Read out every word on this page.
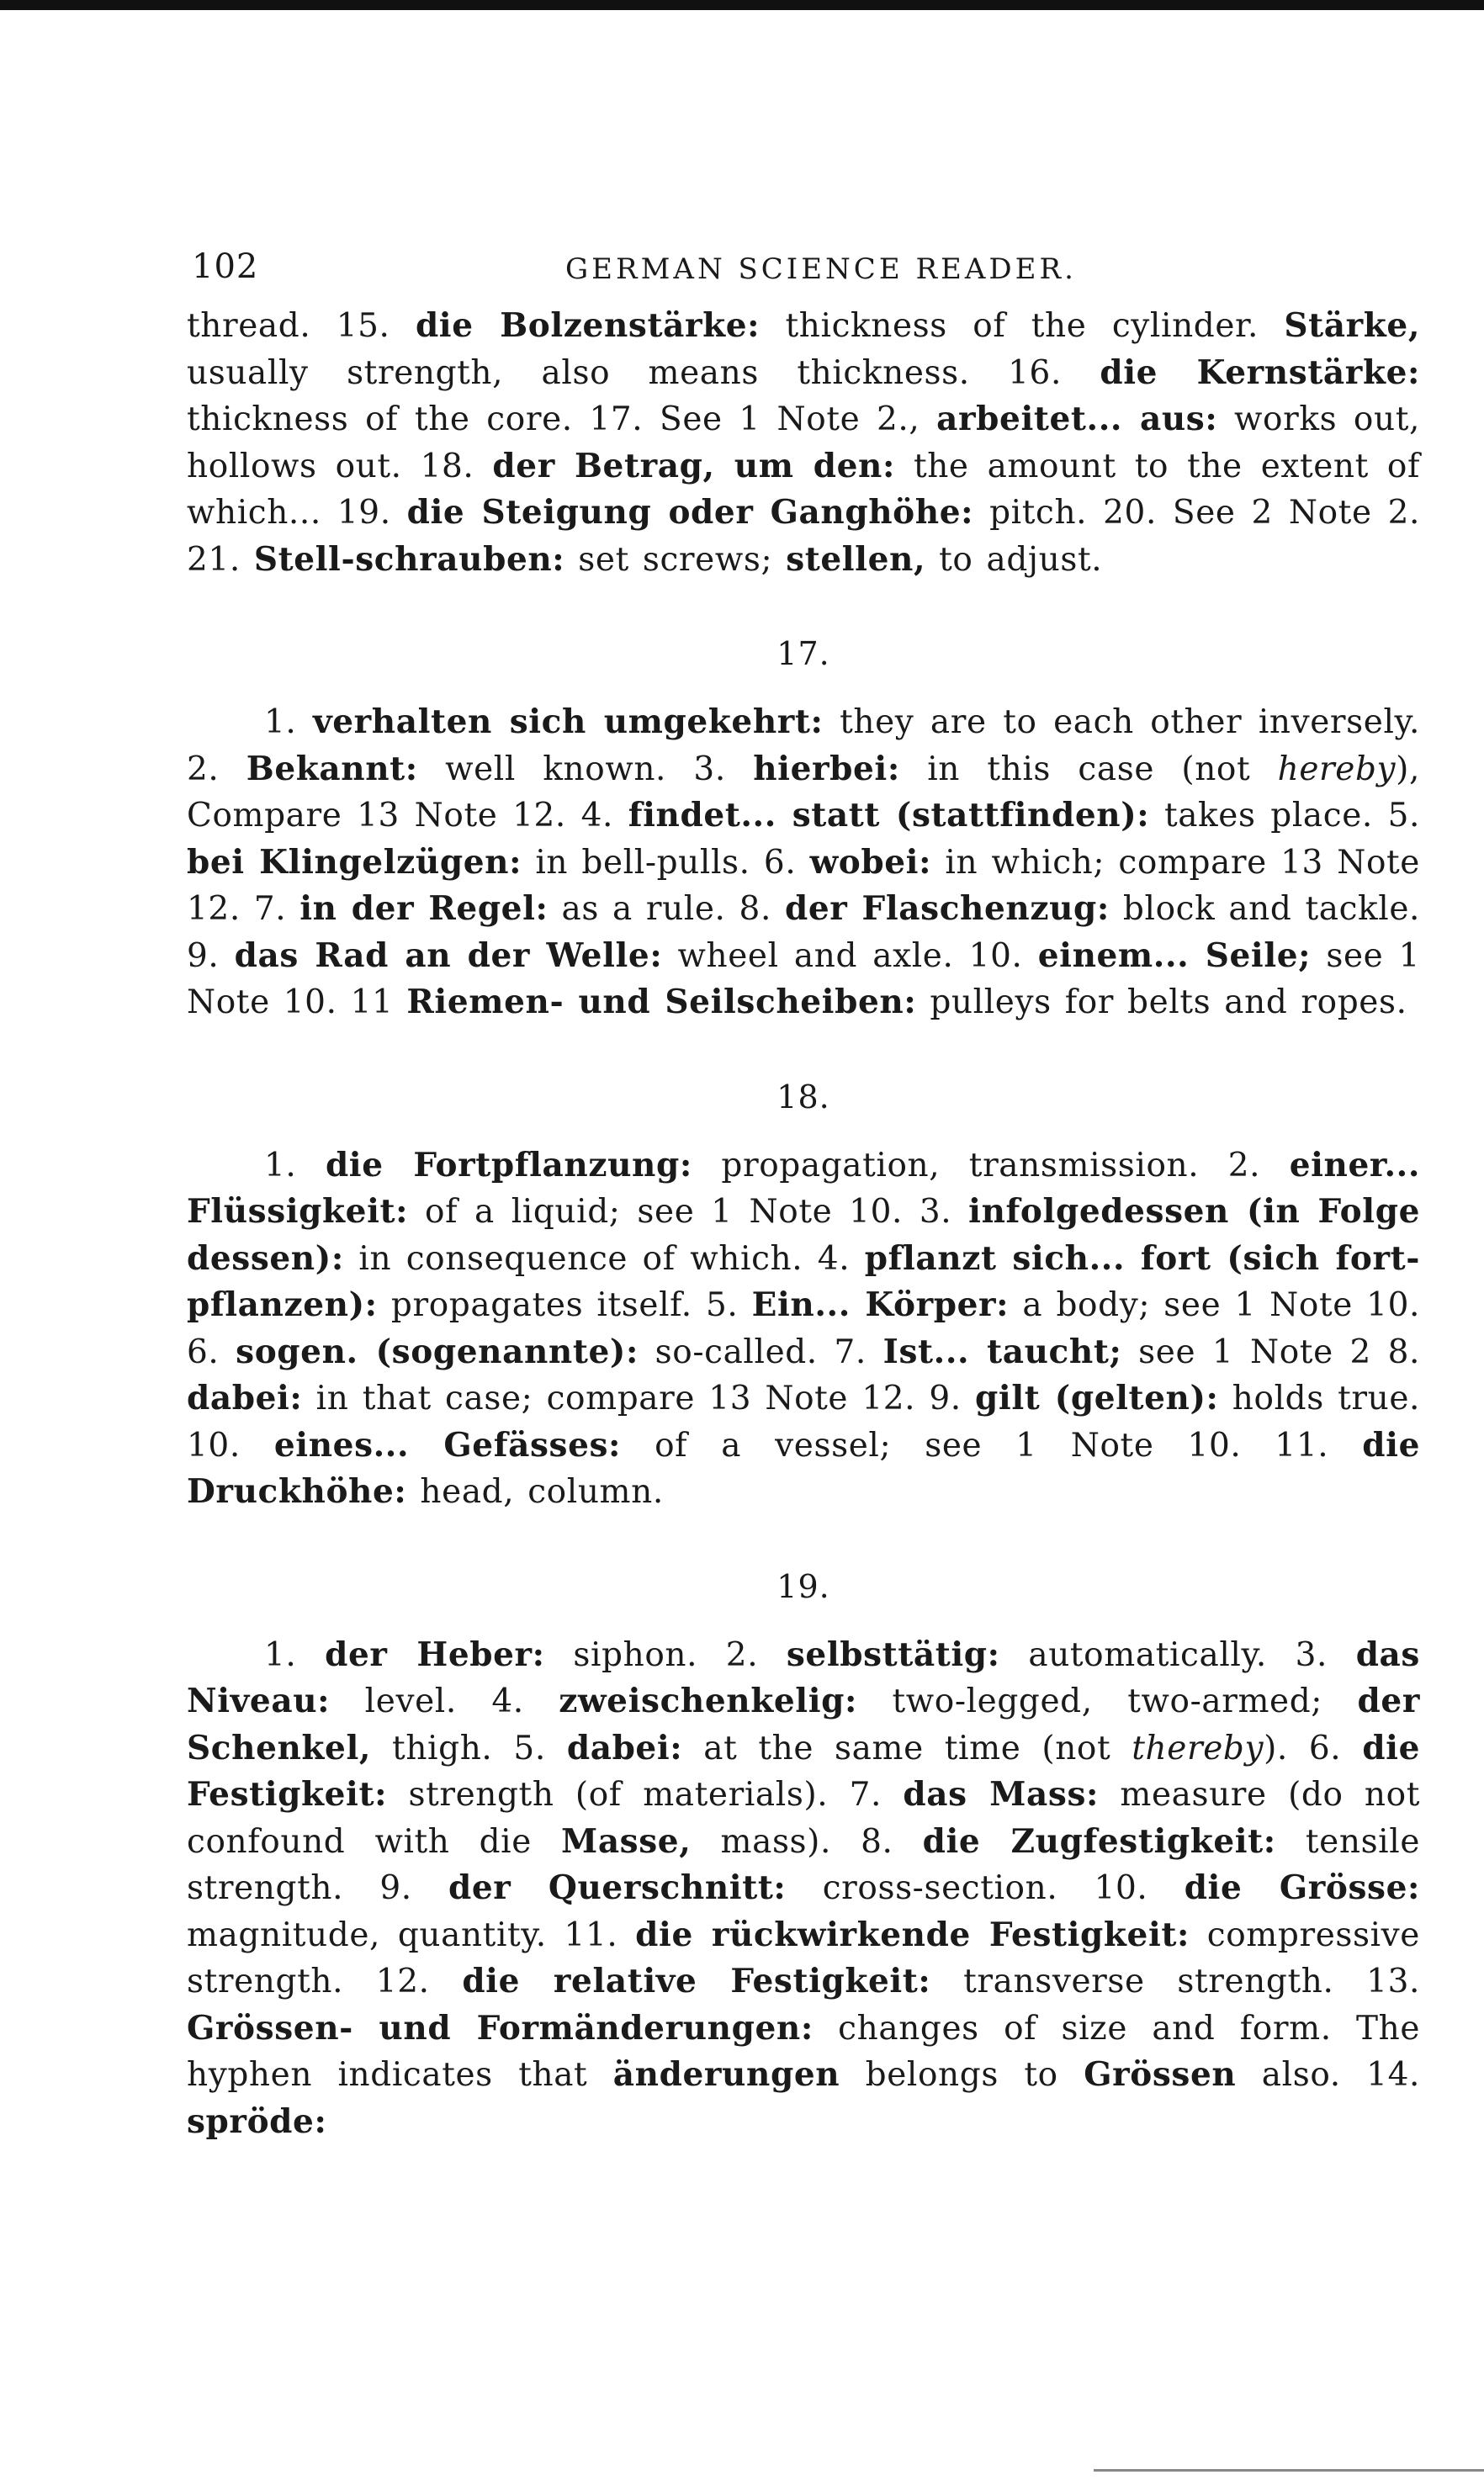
102	GERMAN SCIENCE READER.

thread. 15. die Bolzenstärke: thickness of the cylinder. Stärke, usually strength, also means thickness. 16. die Kernstärke: thickness of the core. 17. See 1 Note 2., arbeitet... aus: works out, hollows out. 18. der Betrag, um den: the amount to the extent of which... 19. die Steigung oder Ganghöhe: pitch. 20. See 2 Note 2. 21. Stell-schrauben: set screws; stellen, to adjust.

17.

1. verhalten sich umgekehrt: they are to each other inversely. 2. Bekannt: well known. 3. hierbei: in this case (not hereby), Compare 13 Note 12. 4. findet... statt (stattfinden): takes place. 5. bei Klingelzügen: in bell-pulls. 6. wobei: in which; compare 13 Note 12. 7. in der Regel: as a rule. 8. der Flaschenzug: block and tackle. 9. das Rad an der Welle: wheel and axle. 10. einem... Seile; see 1 Note 10. 11 Riemen- und Seilscheiben: pulleys for belts and ropes.

18.

1. die Fortpflanzung: propagation, transmission. 2. einer... Flüssigkeit: of a liquid; see 1 Note 10. 3. infolgedessen (in Folge dessen): in consequence of which. 4. pflanzt sich... fort (sich fort-pflanzen): propagates itself. 5. Ein... Körper: a body; see 1 Note 10. 6. sogen. (sogenannte): so-called. 7. Ist... taucht; see 1 Note 2 8. dabei: in that case; compare 13 Note 12. 9. gilt (gelten): holds true. 10. eines... Gefässes: of a vessel; see 1 Note 10. 11. die Druckhöhe: head, column.

19.

1. der Heber: siphon. 2. selbsttätig: automatically. 3. das Niveau: level. 4. zweischenkelig: two-legged, two-armed; der Schenkel, thigh. 5. dabei: at the same time (not thereby). 6. die Festigkeit: strength (of materials). 7. das Mass: measure (do not confound with die Masse, mass). 8. die Zugfestigkeit: tensile strength. 9. der Querschnitt: cross-section. 10. die Grösse: magnitude, quantity. 11. die rückwirkende Festigkeit: compressive strength. 12. die relative Festigkeit: transverse strength. 13. Grössen- und Formänderungen: changes of size and form. The hyphen indicates that änderungen belongs to Grössen also. 14. spröde:
